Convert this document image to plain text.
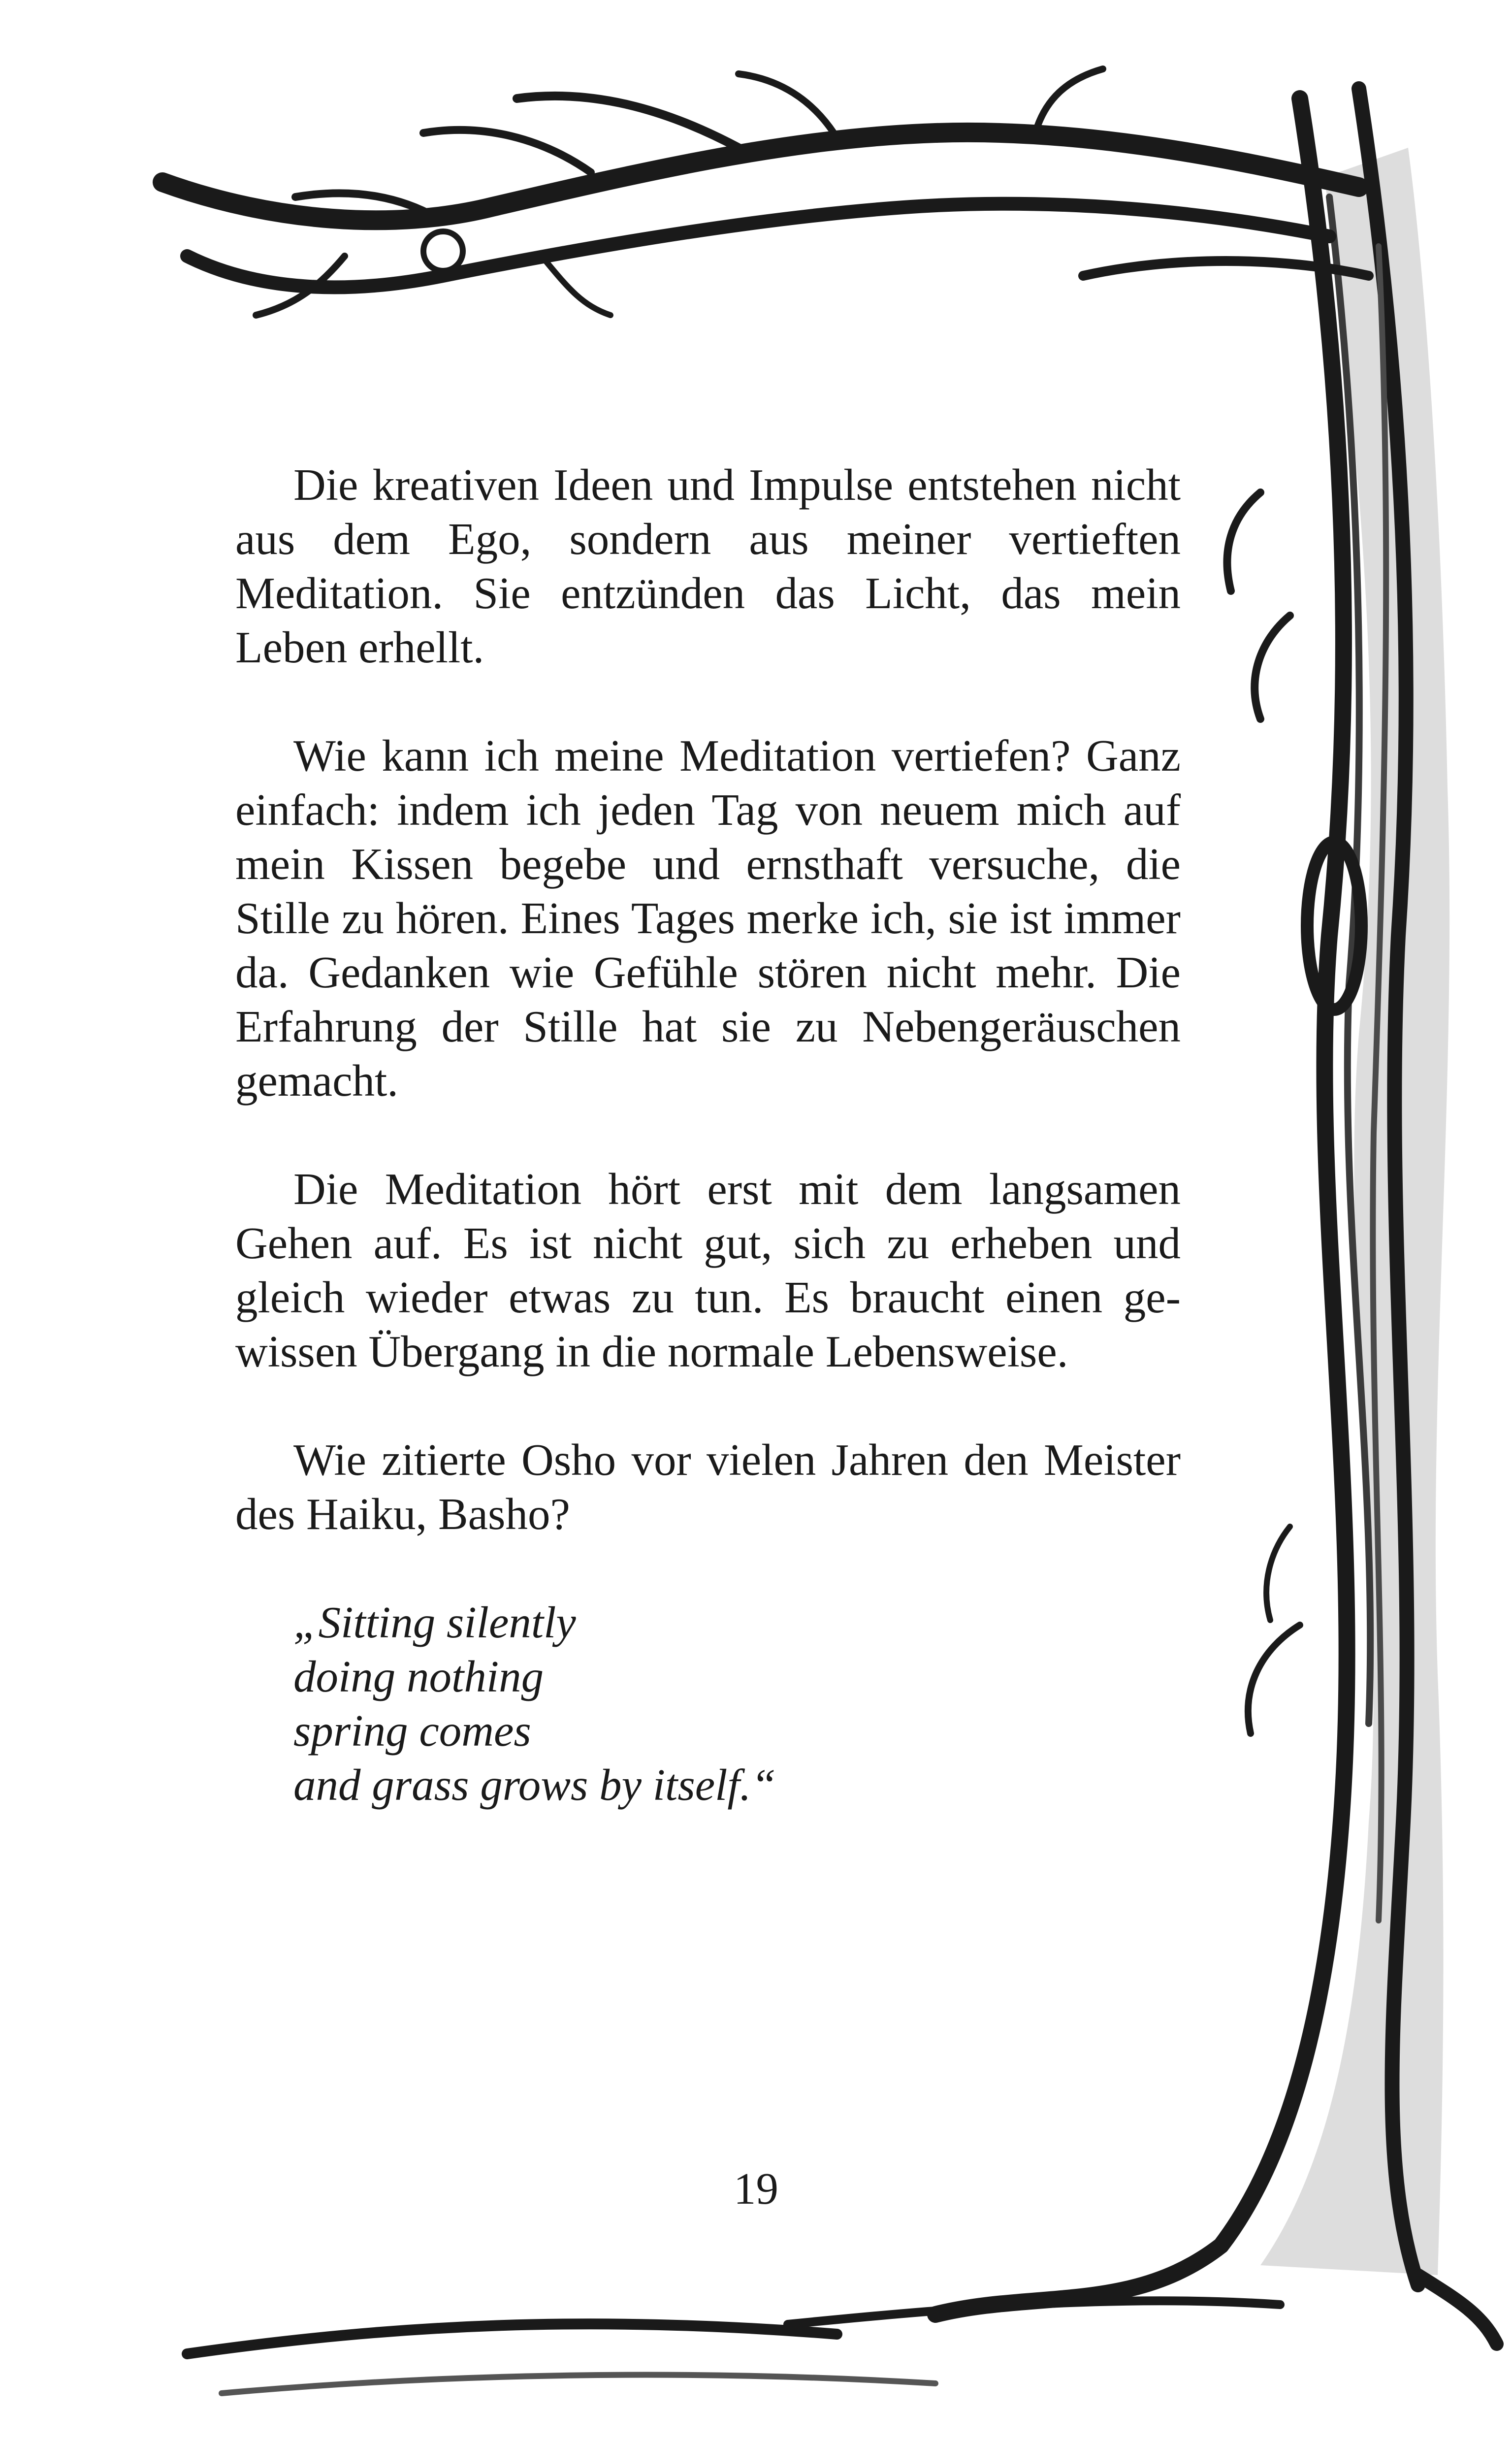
Die kreativen Ideen und Impulse entstehen nicht aus dem Ego, sondern aus meiner vertieften Meditation. Sie entzünden das Licht, das mein Leben erhellt.

Wie kann ich meine Meditation vertiefen? Ganz einfach: indem ich jeden Tag von neuem mich auf mein Kissen begebe und ernsthaft versuche, die Stille zu hören. Eines Tages merke ich, sie ist immer da. Gedanken wie Gefühle stören nicht mehr. Die Erfahrung der Stille hat sie zu Nebengeräuschen gemacht.

Die Meditation hört erst mit dem langsamen Gehen auf. Es ist nicht gut, sich zu erheben und gleich wieder etwas zu tun. Es braucht einen gewissen Übergang in die normale Lebensweise.

Wie zitierte Osho vor vielen Jahren den Meister des Haiku, Basho?

„Sitting silently
doing nothing
spring comes
and grass grows by itself.“
19
